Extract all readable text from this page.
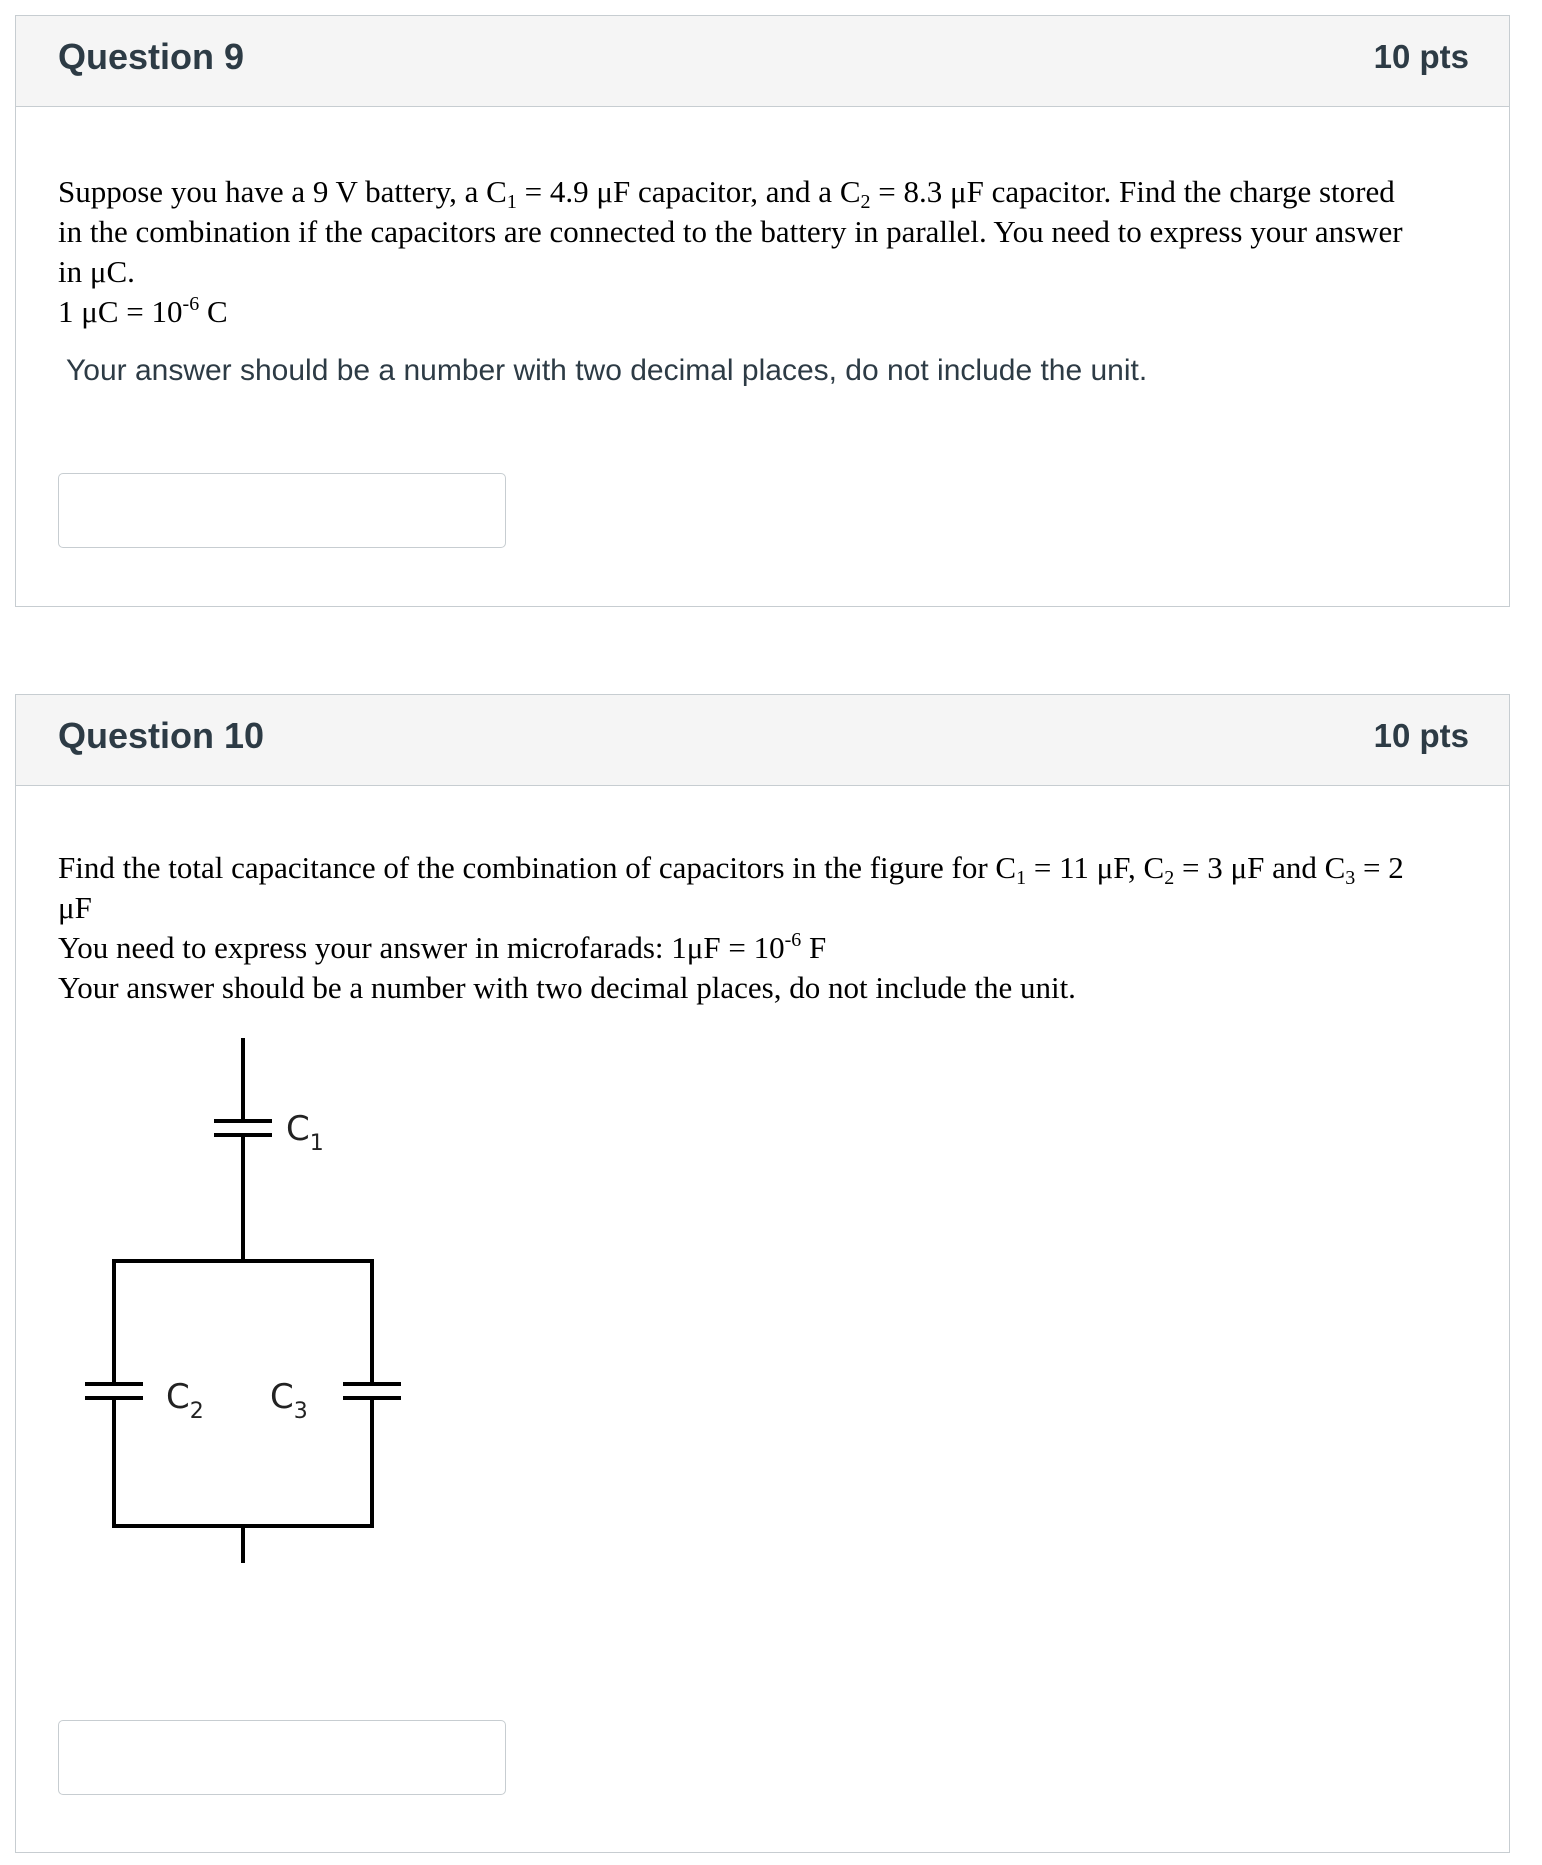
Question 9	10 pts
Suppose you have a 9 V battery, a $C_1 = 4.9$ μF capacitor, and a $C_2 = 8.3$ μF capacitor. Find the charge stored
in the combination if the capacitors are connected to the battery in parallel. You need to express your answer
in μC.
1 $\mu C = 10^{-6}$ C
Your answer should be a number with two decimal places, do not include the unit.
Question 10	10 pts
Find the total capacitance of the combination of capacitors in the figure for $C_1 = 11$ μF, $C_2 = 3$ μF and $C_3 = 2$
μF
You need to express your answer in microfarads: $1\mu F = 10^{-6}$ F
Your answer should be a number with two decimal places, do not include the unit.
$C_1$
$C_2$ $C_3$
